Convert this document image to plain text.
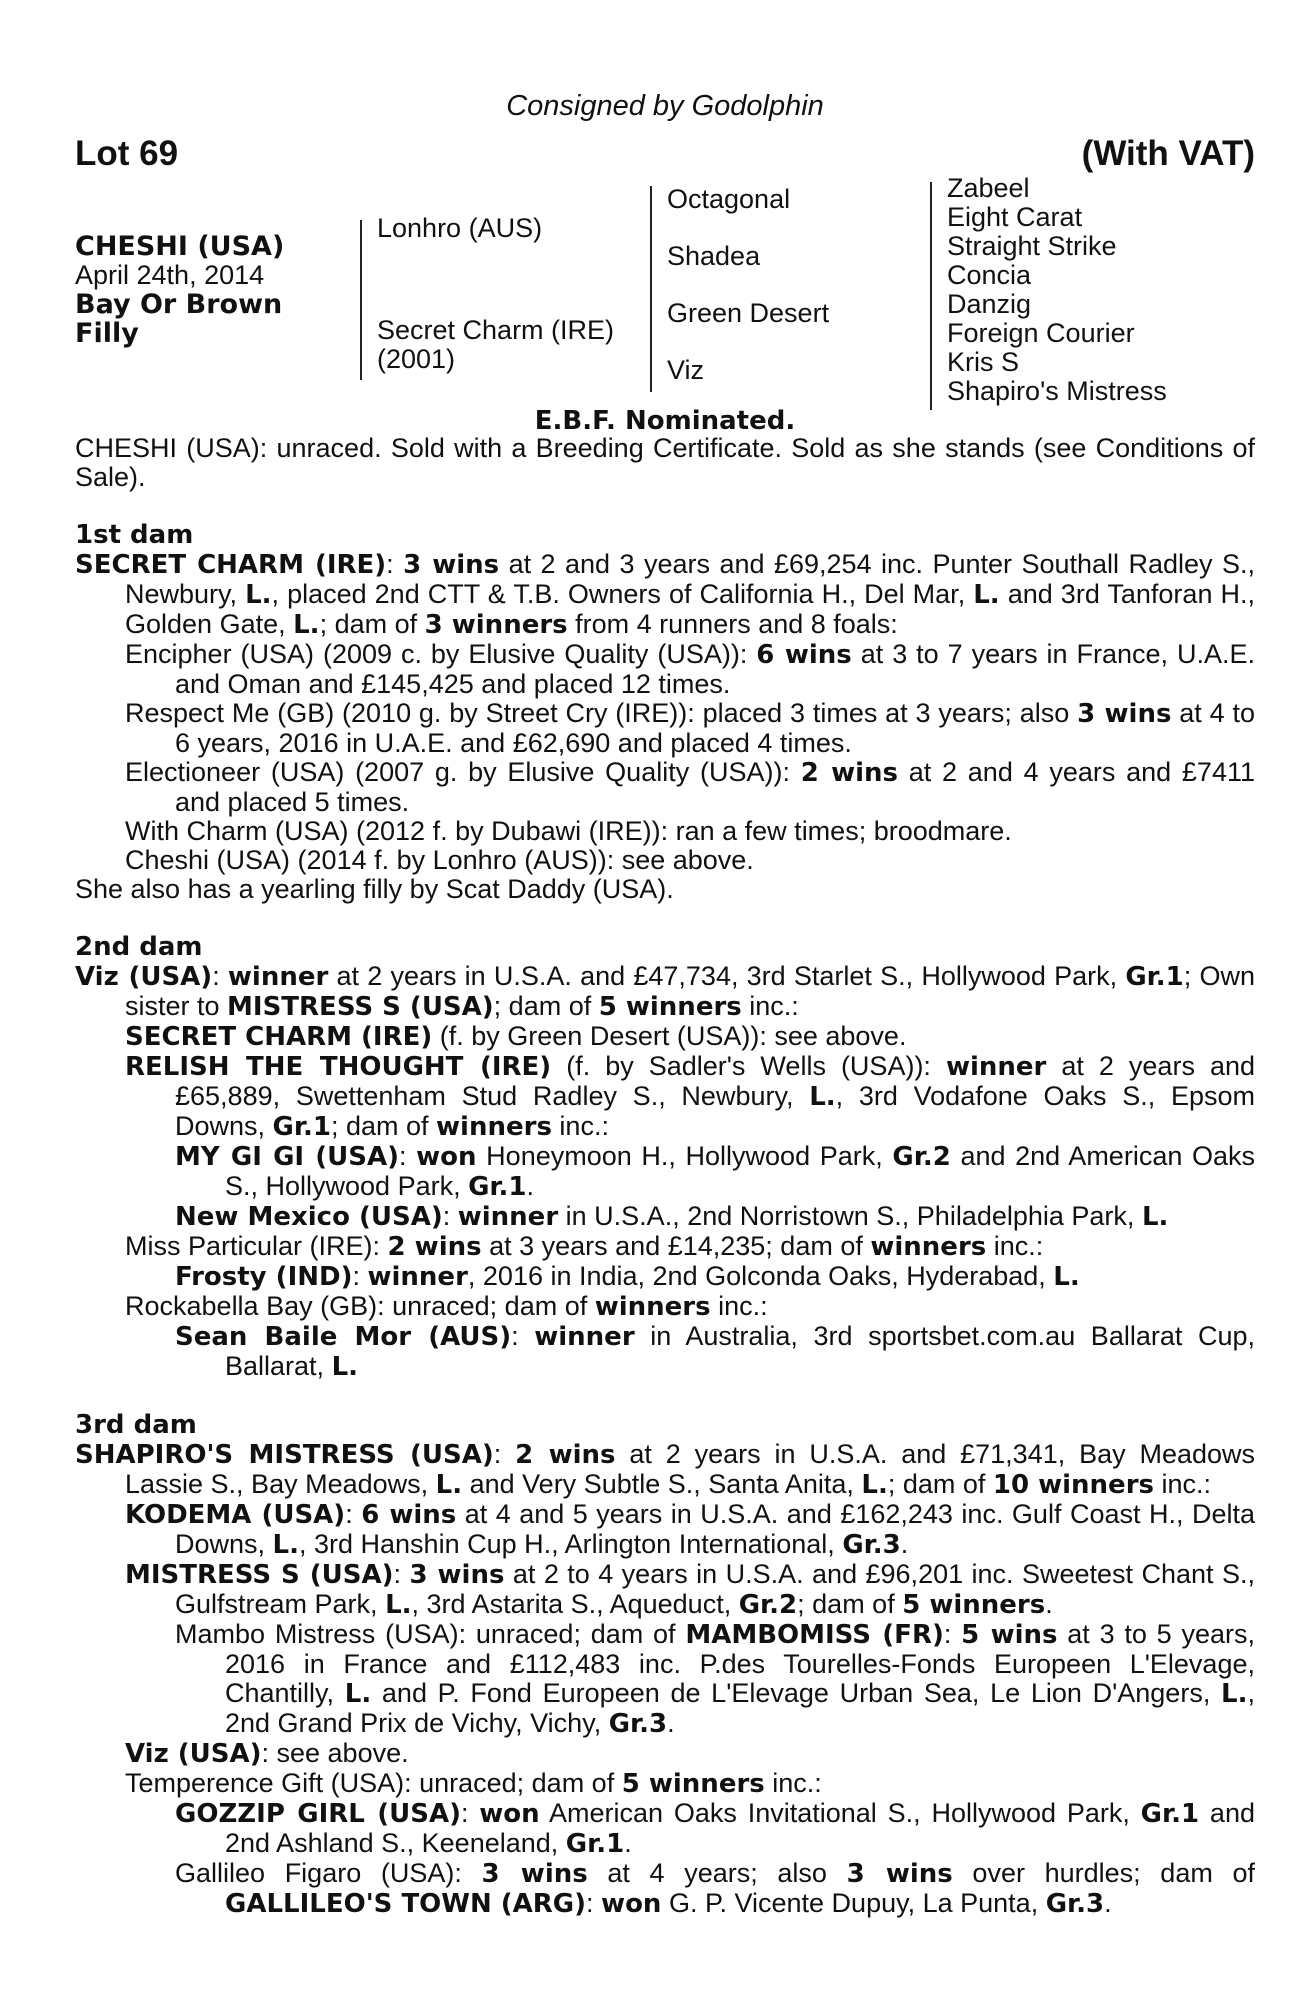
Consigned by Godolphin
Lot 69	(With VAT)
CHESHI (USA)
April 24th, 2014
Bay Or Brown
Filly
Lonhro (AUS)
Secret Charm (IRE)
(2001)
Octagonal
Shadea
Green Desert
Viz
Zabeel
Eight Carat
Straight Strike
Concia
Danzig
Foreign Courier
Kris S
Shapiro's Mistress
E.B.F. Nominated.
CHESHI (USA): unraced. Sold with a Breeding Certificate. Sold as she stands (see Conditions of Sale).
1st dam
SECRET CHARM (IRE): 3 wins at 2 and 3 years and £69,254 inc. Punter Southall Radley S., Newbury, L., placed 2nd CTT & T.B. Owners of California H., Del Mar, L. and 3rd Tanforan H., Golden Gate, L.; dam of 3 winners from 4 runners and 8 foals:
Encipher (USA) (2009 c. by Elusive Quality (USA)): 6 wins at 3 to 7 years in France, U.A.E. and Oman and £145,425 and placed 12 times.
Respect Me (GB) (2010 g. by Street Cry (IRE)): placed 3 times at 3 years; also 3 wins at 4 to 6 years, 2016 in U.A.E. and £62,690 and placed 4 times.
Electioneer (USA) (2007 g. by Elusive Quality (USA)): 2 wins at 2 and 4 years and £7411 and placed 5 times.
With Charm (USA) (2012 f. by Dubawi (IRE)): ran a few times; broodmare.
Cheshi (USA) (2014 f. by Lonhro (AUS)): see above.
She also has a yearling filly by Scat Daddy (USA).
2nd dam
Viz (USA): winner at 2 years in U.S.A. and £47,734, 3rd Starlet S., Hollywood Park, Gr.1; Own sister to MISTRESS S (USA); dam of 5 winners inc.:
SECRET CHARM (IRE) (f. by Green Desert (USA)): see above.
RELISH THE THOUGHT (IRE) (f. by Sadler's Wells (USA)): winner at 2 years and £65,889, Swettenham Stud Radley S., Newbury, L., 3rd Vodafone Oaks S., Epsom Downs, Gr.1; dam of winners inc.:
MY GI GI (USA): won Honeymoon H., Hollywood Park, Gr.2 and 2nd American Oaks S., Hollywood Park, Gr.1.
New Mexico (USA): winner in U.S.A., 2nd Norristown S., Philadelphia Park, L.
Miss Particular (IRE): 2 wins at 3 years and £14,235; dam of winners inc.:
Frosty (IND): winner, 2016 in India, 2nd Golconda Oaks, Hyderabad, L.
Rockabella Bay (GB): unraced; dam of winners inc.:
Sean Baile Mor (AUS): winner in Australia, 3rd sportsbet.com.au Ballarat Cup, Ballarat, L.
3rd dam
SHAPIRO'S MISTRESS (USA): 2 wins at 2 years in U.S.A. and £71,341, Bay Meadows Lassie S., Bay Meadows, L. and Very Subtle S., Santa Anita, L.; dam of 10 winners inc.:
KODEMA (USA): 6 wins at 4 and 5 years in U.S.A. and £162,243 inc. Gulf Coast H., Delta Downs, L., 3rd Hanshin Cup H., Arlington International, Gr.3.
MISTRESS S (USA): 3 wins at 2 to 4 years in U.S.A. and £96,201 inc. Sweetest Chant S., Gulfstream Park, L., 3rd Astarita S., Aqueduct, Gr.2; dam of 5 winners.
Mambo Mistress (USA): unraced; dam of MAMBOMISS (FR): 5 wins at 3 to 5 years, 2016 in France and £112,483 inc. P.des Tourelles-Fonds Europeen L'Elevage, Chantilly, L. and P. Fond Europeen de L'Elevage Urban Sea, Le Lion D'Angers, L., 2nd Grand Prix de Vichy, Vichy, Gr.3.
Viz (USA): see above.
Temperence Gift (USA): unraced; dam of 5 winners inc.:
GOZZIP GIRL (USA): won American Oaks Invitational S., Hollywood Park, Gr.1 and 2nd Ashland S., Keeneland, Gr.1.
Gallileo Figaro (USA): 3 wins at 4 years; also 3 wins over hurdles; dam of GALLILEO'S TOWN (ARG): won G. P. Vicente Dupuy, La Punta, Gr.3.
